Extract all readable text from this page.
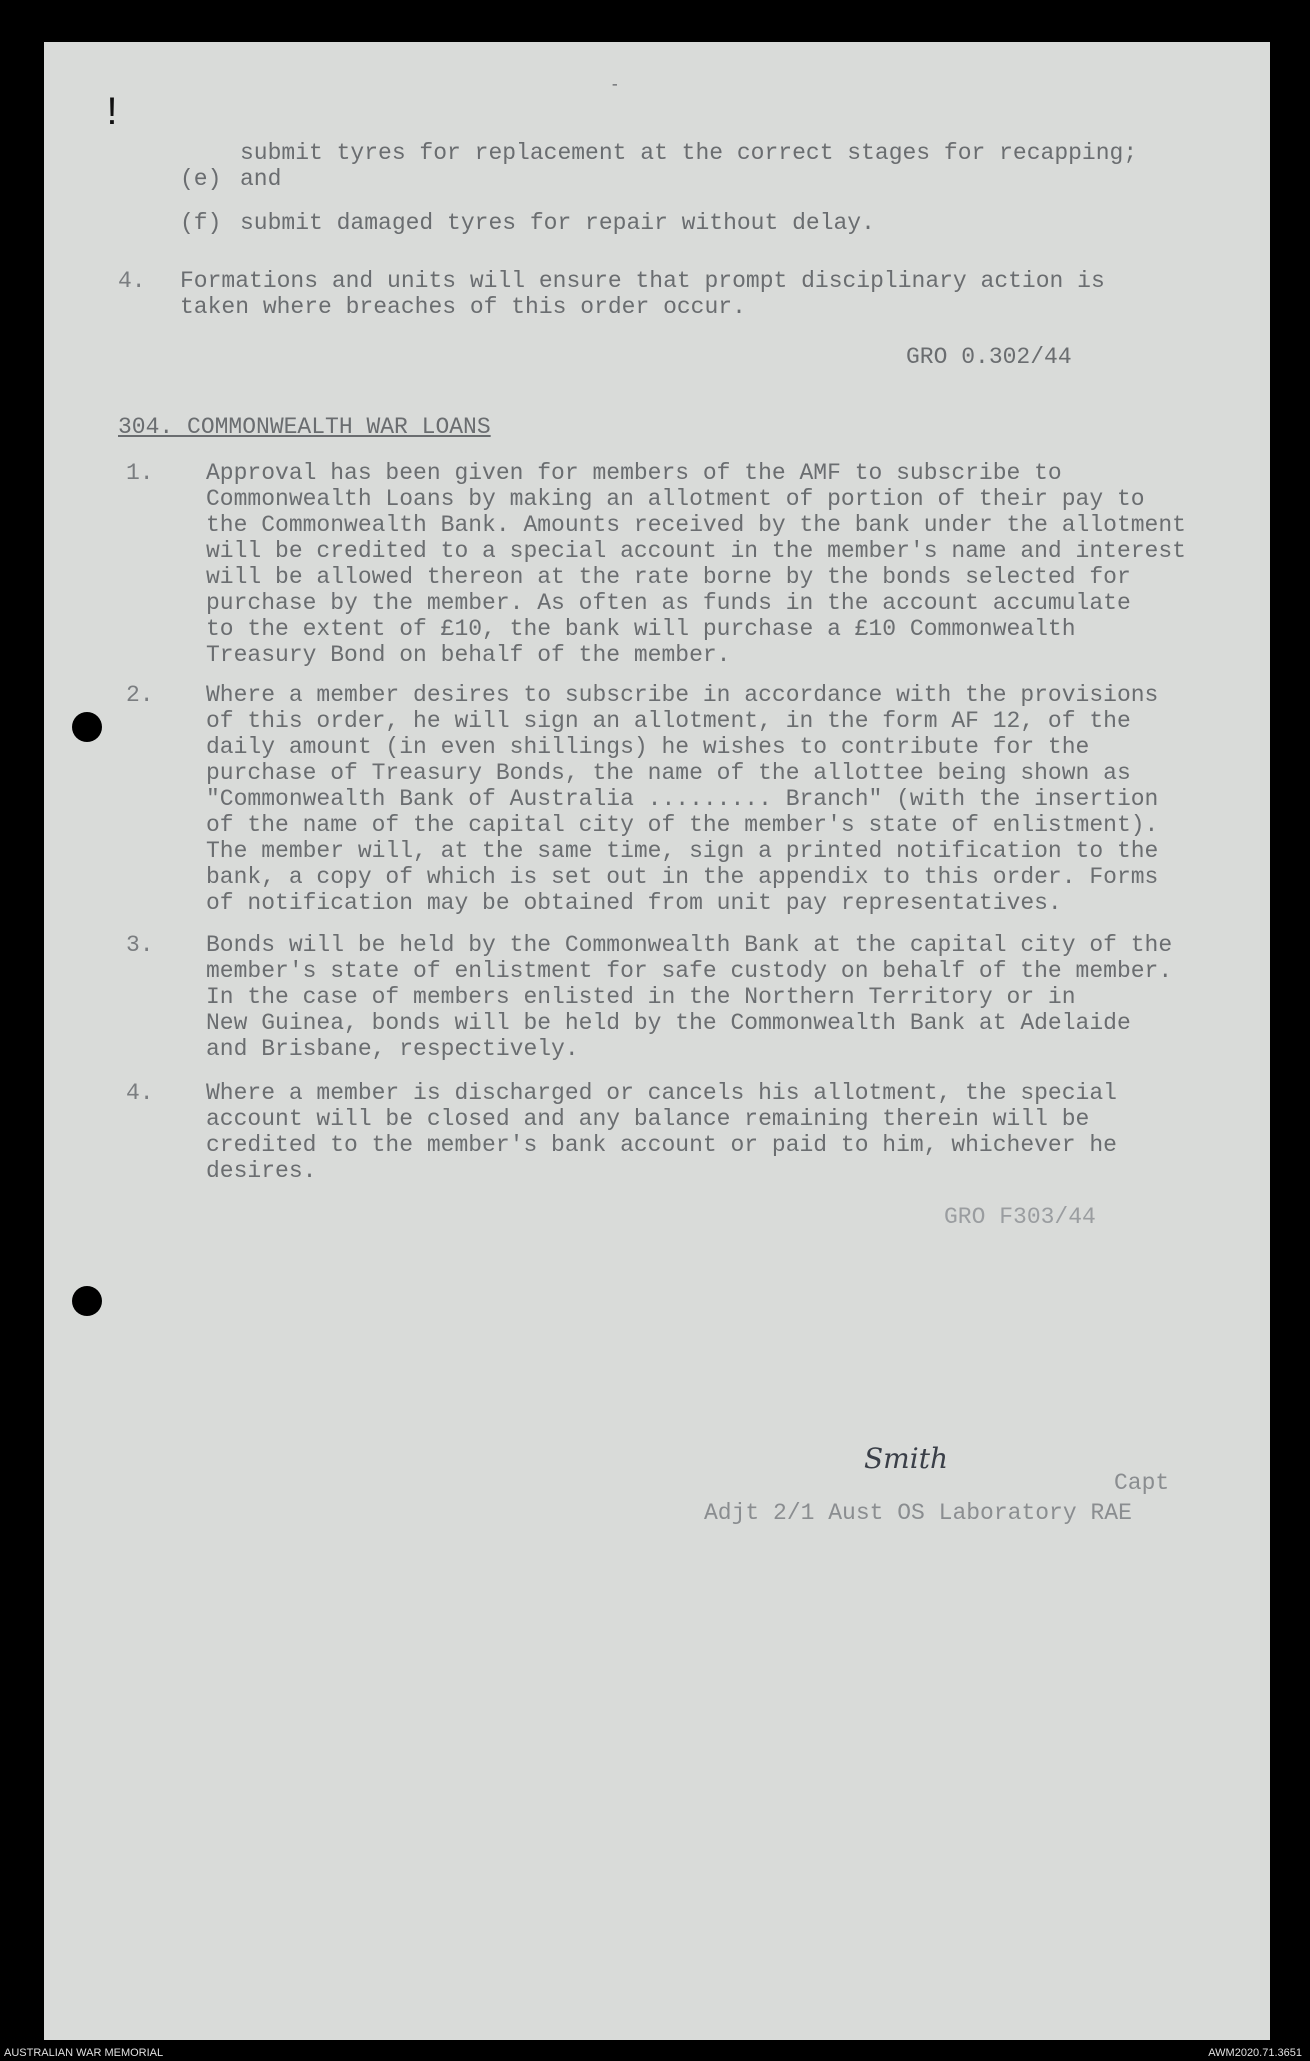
-
!

(e)

submit tyres for replacement at the correct stages for recapping;
and
(f) submit damaged tyres for repair without delay.
4. Formations and units will ensure that prompt disciplinary action is
taken where breaches of this order occur.
GRO 0.302/44
304. COMMONWEALTH WAR LOANS
1. Approval has been given for members of the AMF to subscribe to
Commonwealth Loans by making an allotment of portion of their pay to
the Commonwealth Bank. Amounts received by the bank under the allotment
will be credited to a special account in the member's name and interest
will be allowed thereon at the rate borne by the bonds selected for
purchase by the member. As often as funds in the account accumulate
to the extent of £10, the bank will purchase a £10 Commonwealth
Treasury Bond on behalf of the member.
2. Where a member desires to subscribe in accordance with the provisions
of this order, he will sign an allotment, in the form AF 12, of the
daily amount (in even shillings) he wishes to contribute for the
purchase of Treasury Bonds, the name of the allottee being shown as
"Commonwealth Bank of Australia ......... Branch" (with the insertion
of the name of the capital city of the member's state of enlistment).
The member will, at the same time, sign a printed notification to the
bank, a copy of which is set out in the appendix to this order. Forms
of notification may be obtained from unit pay representatives.
3. Bonds will be held by the Commonwealth Bank at the capital city of the
member's state of enlistment for safe custody on behalf of the member.
In the case of members enlisted in the Northern Territory or in
New Guinea, bonds will be held by the Commonwealth Bank at Adelaide
and Brisbane, respectively.
4. Where a member is discharged or cancels his allotment, the special
account will be closed and any balance remaining therein will be
credited to the member's bank account or paid to him, whichever he
desires.
GRO F303/44
Smith
Capt
Adjt 2/1 Aust OS Laboratory RAE
AUSTRALIAN WAR MEMORIAL	AWM2020.71.3651
